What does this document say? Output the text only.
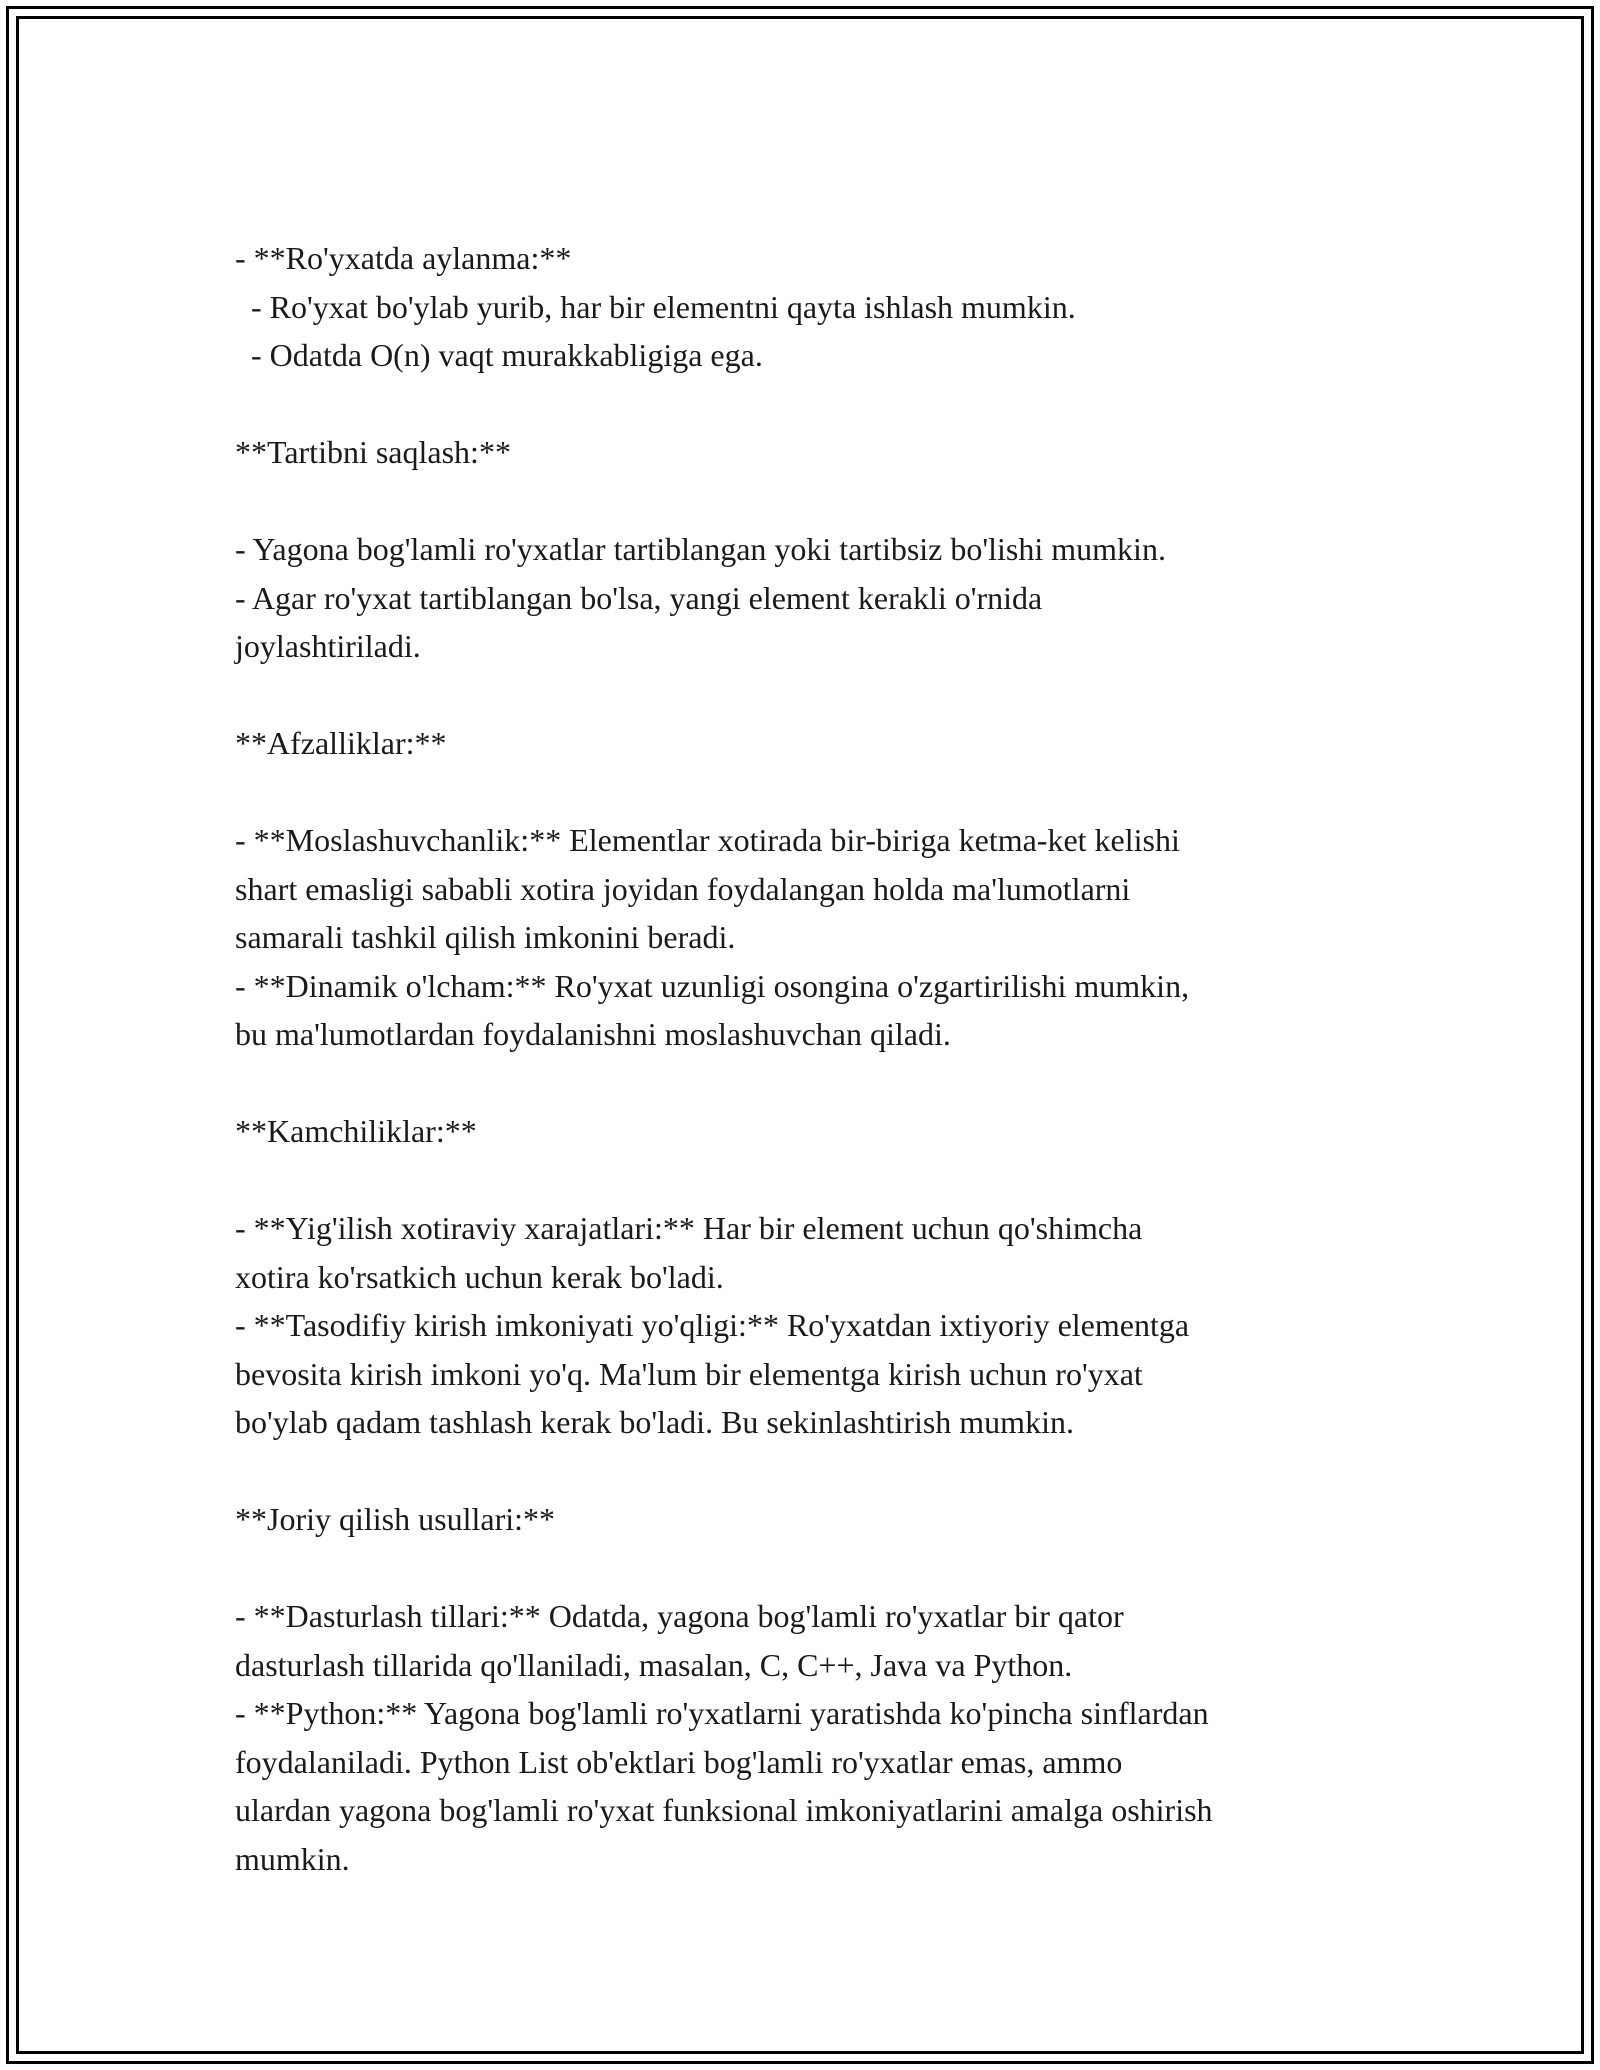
- **Ro'yxatda aylanma:**
- Ro'yxat bo'ylab yurib, har bir elementni qayta ishlash mumkin.
- Odatda O(n) vaqt murakkabligiga ega.
**Tartibni saqlash:**
- Yagona bog'lamli ro'yxatlar tartiblangan yoki tartibsiz bo'lishi mumkin.
- Agar ro'yxat tartiblangan bo'lsa, yangi element kerakli o'rnida
joylashtiriladi.
**Afzalliklar:**
- **Moslashuvchanlik:** Elementlar xotirada bir-biriga ketma-ket kelishi
shart emasligi sababli xotira joyidan foydalangan holda ma'lumotlarni
samarali tashkil qilish imkonini beradi.
- **Dinamik o'lcham:** Ro'yxat uzunligi osongina o'zgartirilishi mumkin,
bu ma'lumotlardan foydalanishni moslashuvchan qiladi.
**Kamchiliklar:**
- **Yig'ilish xotiraviy xarajatlari:** Har bir element uchun qo'shimcha
xotira ko'rsatkich uchun kerak bo'ladi.
- **Tasodifiy kirish imkoniyati yo'qligi:** Ro'yxatdan ixtiyoriy elementga
bevosita kirish imkoni yo'q. Ma'lum bir elementga kirish uchun ro'yxat
bo'ylab qadam tashlash kerak bo'ladi. Bu sekinlashtirish mumkin.
**Joriy qilish usullari:**
- **Dasturlash tillari:** Odatda, yagona bog'lamli ro'yxatlar bir qator
dasturlash tillarida qo'llaniladi, masalan, C, C++, Java va Python.
- **Python:** Yagona bog'lamli ro'yxatlarni yaratishda ko'pincha sinflardan
foydalaniladi. Python List ob'ektlari bog'lamli ro'yxatlar emas, ammo
ulardan yagona bog'lamli ro'yxat funksional imkoniyatlarini amalga oshirish
mumkin.
